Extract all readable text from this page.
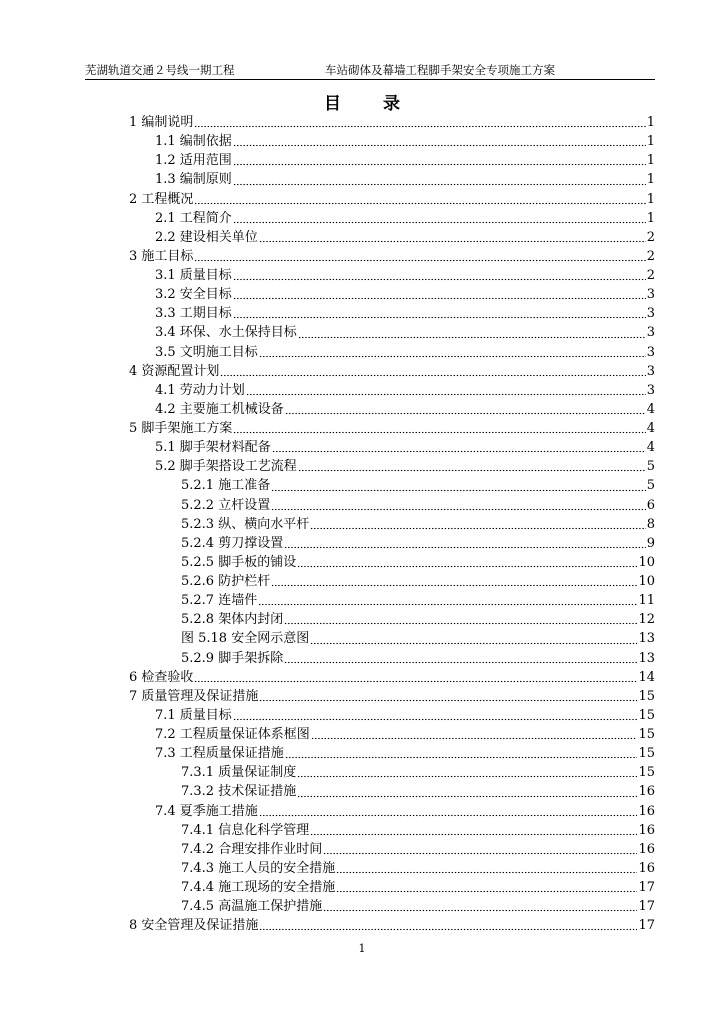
芜湖轨道交通２号线一期工程	车站砌体及幕墙工程脚手架安全专项施工方案
目 录
1 编制说明	1
1.1 编制依据	1
1.2 适用范围	1
1.3 编制原则	1
2 工程概况	1
2.1 工程简介	1
2.2 建设相关单位	2
3 施工目标	2
3.1 质量目标	2
3.2 安全目标	3
3.3 工期目标	3
3.4 环保、水土保持目标	3
3.5 文明施工目标	3
4 资源配置计划	3
4.1 劳动力计划	3
4.2 主要施工机械设备	4
5 脚手架施工方案	4
5.1 脚手架材料配备	4
5.2 脚手架搭设工艺流程	5
5.2.1 施工准备	5
5.2.2 立杆设置	6
5.2.3 纵、横向水平杆	8
5.2.4 剪刀撑设置	9
5.2.5 脚手板的铺设	10
5.2.6 防护栏杆	10
5.2.7 连墙件	11
5.2.8 架体内封闭	12
图 5.18 安全网示意图	13
5.2.9 脚手架拆除	13
6 检查验收	14
7 质量管理及保证措施	15
7.1 质量目标	15
7.2 工程质量保证体系框图	15
7.3 工程质量保证措施	15
7.3.1 质量保证制度	15
7.3.2 技术保证措施	16
7.4 夏季施工措施	16
7.4.1 信息化科学管理	16
7.4.2 合理安排作业时间	16
7.4.3 施工人员的安全措施	16
7.4.4 施工现场的安全措施	17
7.4.5 高温施工保护措施	17
8 安全管理及保证措施	17
1
